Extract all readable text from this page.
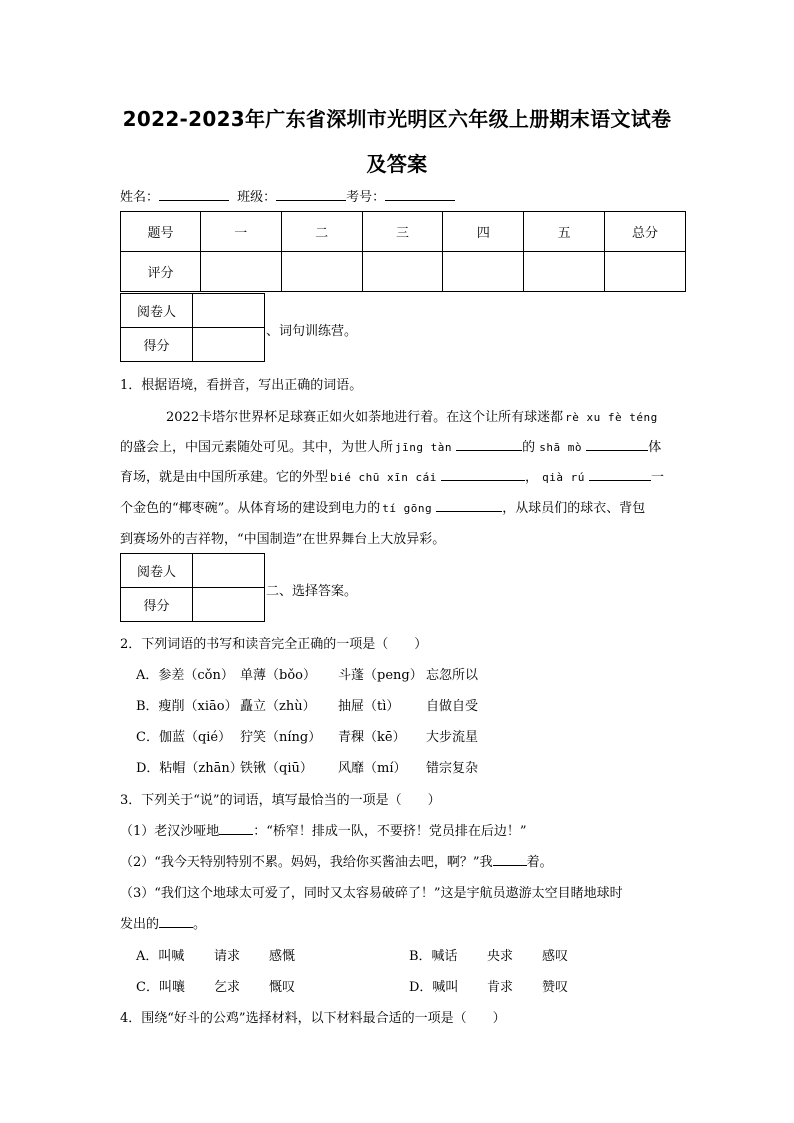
2022-2023年广东省深圳市光明区六年级上册期末语文试卷
及答案
姓名：	班级：	考号：
题号	一	二	三	四	五	总分
评分						
阅卷人	
得分	
、词句训练营。
1．根据语境，看拼音，写出正确的词语。
2022卡塔尔世界杯足球赛正如火如荼地进行着。在这个让所有球迷都 rè xu fè téng
的盛会上，中国元素随处可见。其中，为世人所 jīng tàn	的 shā mò	体
育场，就是由中国所承建。它的外型 bié chū xīn cái	， qià rú	一
个金色的“椰枣碗”。从体育场的建设到电力的 tí gōng	，从球员们的球衣、背包
到赛场外的吉祥物，“中国制造”在世界舞台上大放异彩。
阅卷人	
得分	
二、选择答案。
2．下列词语的书写和读音完全正确的一项是（　　）
A．参差（cǒn） 单薄（bǒo） 斗蓬（peng） 忘忽所以
B．瘦削（xiāo） 矗立（zhù） 抽屉（tì） 自做自受
C．伽蓝（qié） 狞笑（níng） 青稞（kē） 大步流星
D．粘帽（zhān）铁锹（qiū） 风靡（mí） 错宗复杂
3．下列关于“说”的词语，填写最恰当的一项是（　　）
（1）老汉沙哑地	：“桥窄！排成一队，不要挤！党员排在后边！”
（2）“我今天特别特别不累。妈妈，我给你买酱油去吧，啊？”我	着。
（3）“我们这个地球太可爱了，同时又太容易破碎了！”这是宇航员遨游太空目睹地球时
发出的	。
A．叫喊 请求 感慨	B．喊话 央求 感叹
C．叫嚷 乞求 慨叹	D．喊叫 肯求 赞叹
4．围绕“好斗的公鸡”选择材料，以下材料最合适的一项是（　　）
